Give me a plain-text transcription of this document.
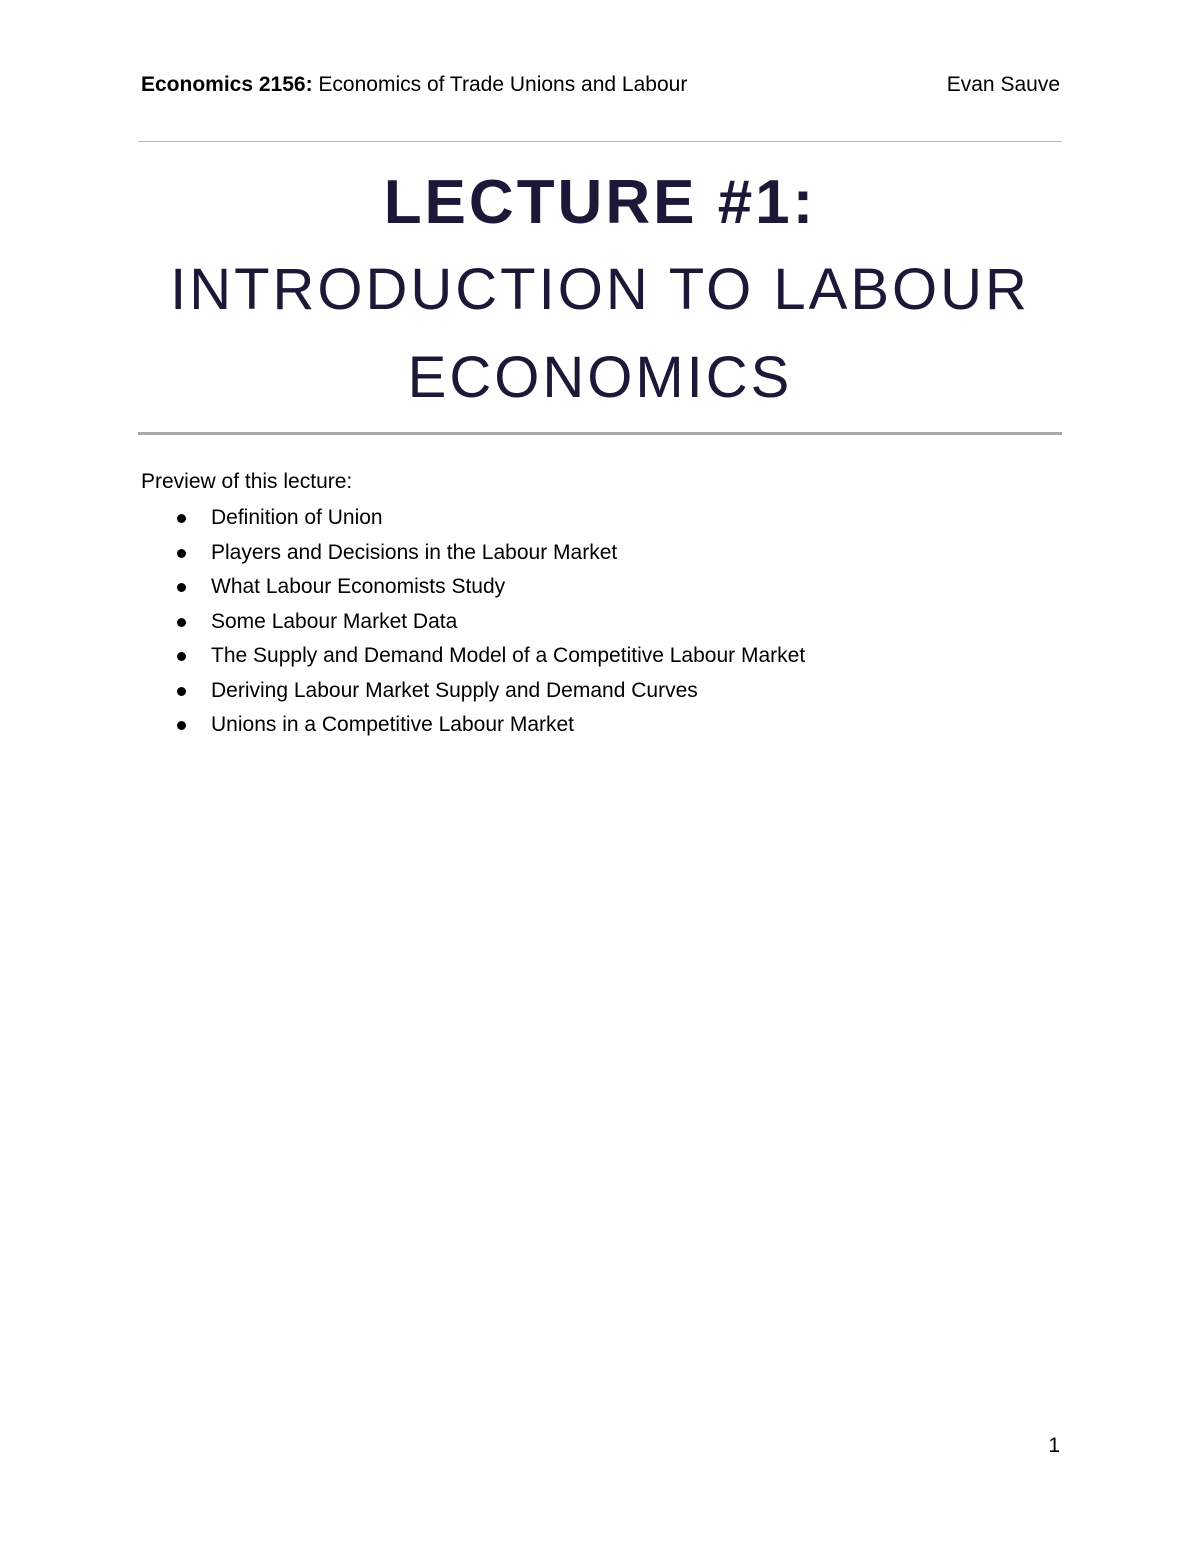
Economics 2156: Economics of Trade Unions and Labour	Evan Sauve
LECTURE #1:
INTRODUCTION TO LABOUR
ECONOMICS
Preview of this lecture:
Definition of Union
Players and Decisions in the Labour Market
What Labour Economists Study
Some Labour Market Data
The Supply and Demand Model of a Competitive Labour Market
Deriving Labour Market Supply and Demand Curves
Unions in a Competitive Labour Market
1
